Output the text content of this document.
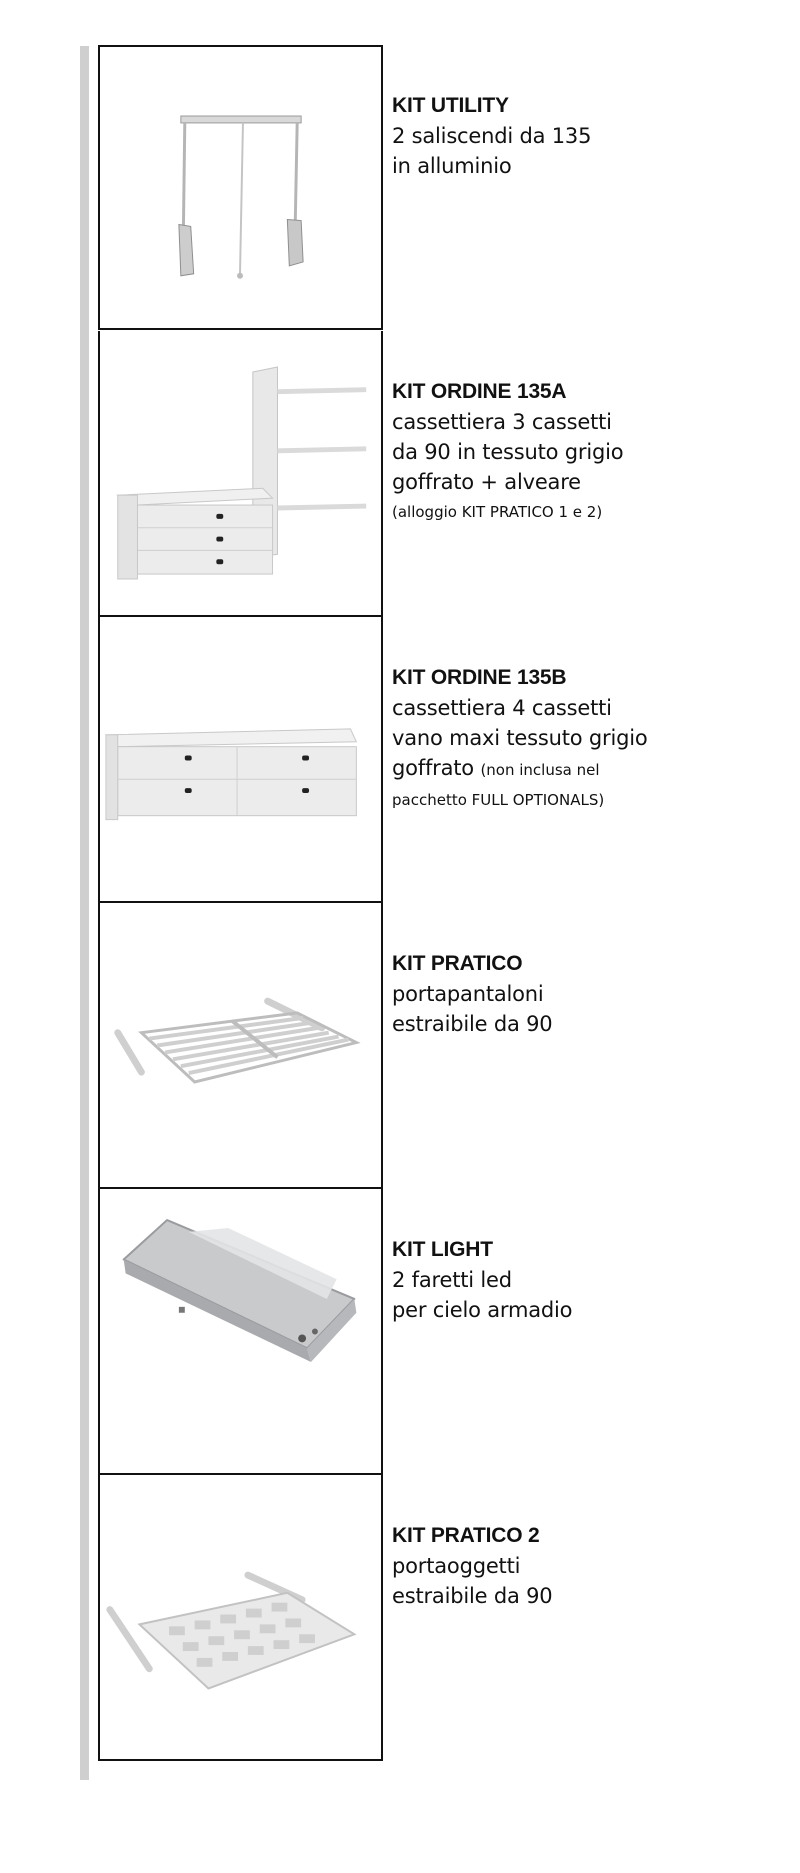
KIT UTILITY
2 saliscendi da 135
in alluminio
KIT ORDINE 135A
cassettiera 3 cassetti
da 90 in tessuto grigio
goffrato + alveare
(alloggio KIT PRATICO 1 e 2)
KIT ORDINE 135B
cassettiera 4 cassetti
vano maxi tessuto grigio
goffrato (non inclusa nel
pacchetto FULL OPTIONALS)
KIT PRATICO
portapantaloni
estraibile da 90
KIT LIGHT
2 faretti led
per cielo armadio
KIT PRATICO 2
portaoggetti
estraibile da 90
